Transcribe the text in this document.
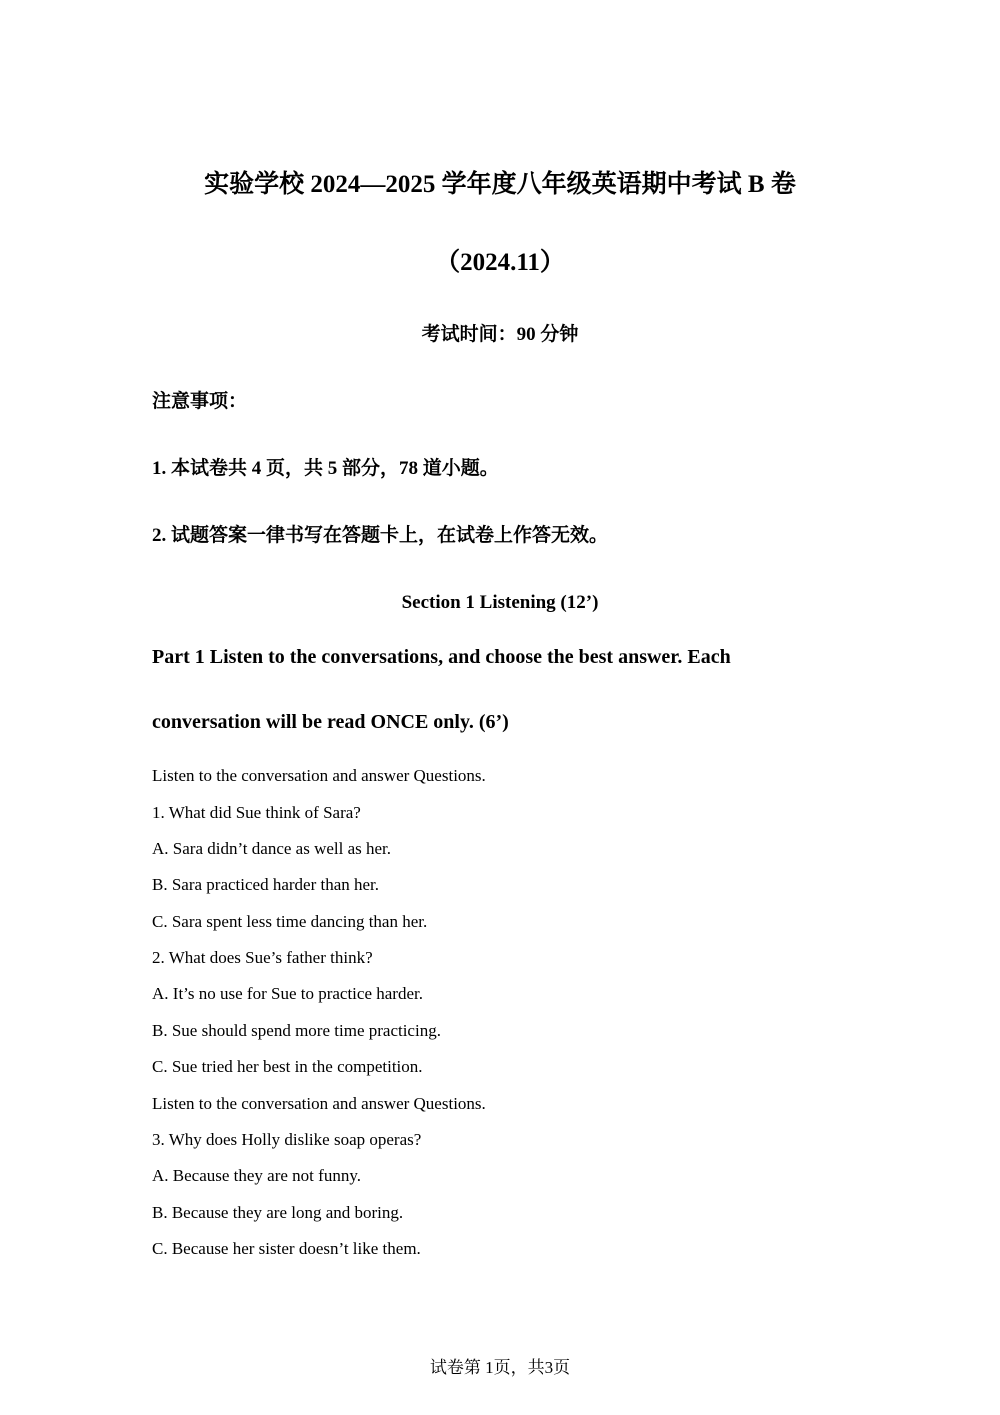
实验学校 2024—2025 学年度八年级英语期中考试 B 卷
（2024.11）
考试时间：90 分钟
注意事项：
1. 本试卷共 4 页，共 5 部分，78 道小题。
2. 试题答案一律书写在答题卡上，在试卷上作答无效。
Section 1 Listening (12’)
Part 1 Listen to the conversations, and choose the best answer. Each
conversation will be read ONCE only. (6’)
Listen to the conversation and answer Questions.
1. What did Sue think of Sara?
A. Sara didn’t dance as well as her.
B. Sara practiced harder than her.
C. Sara spent less time dancing than her.
2. What does Sue’s father think?
A. It’s no use for Sue to practice harder.
B. Sue should spend more time practicing.
C. Sue tried her best in the competition.
Listen to the conversation and answer Questions.
3. Why does Holly dislike soap operas?
A. Because they are not funny.
B. Because they are long and boring.
C. Because her sister doesn’t like them.
试卷第 1页，共3页
